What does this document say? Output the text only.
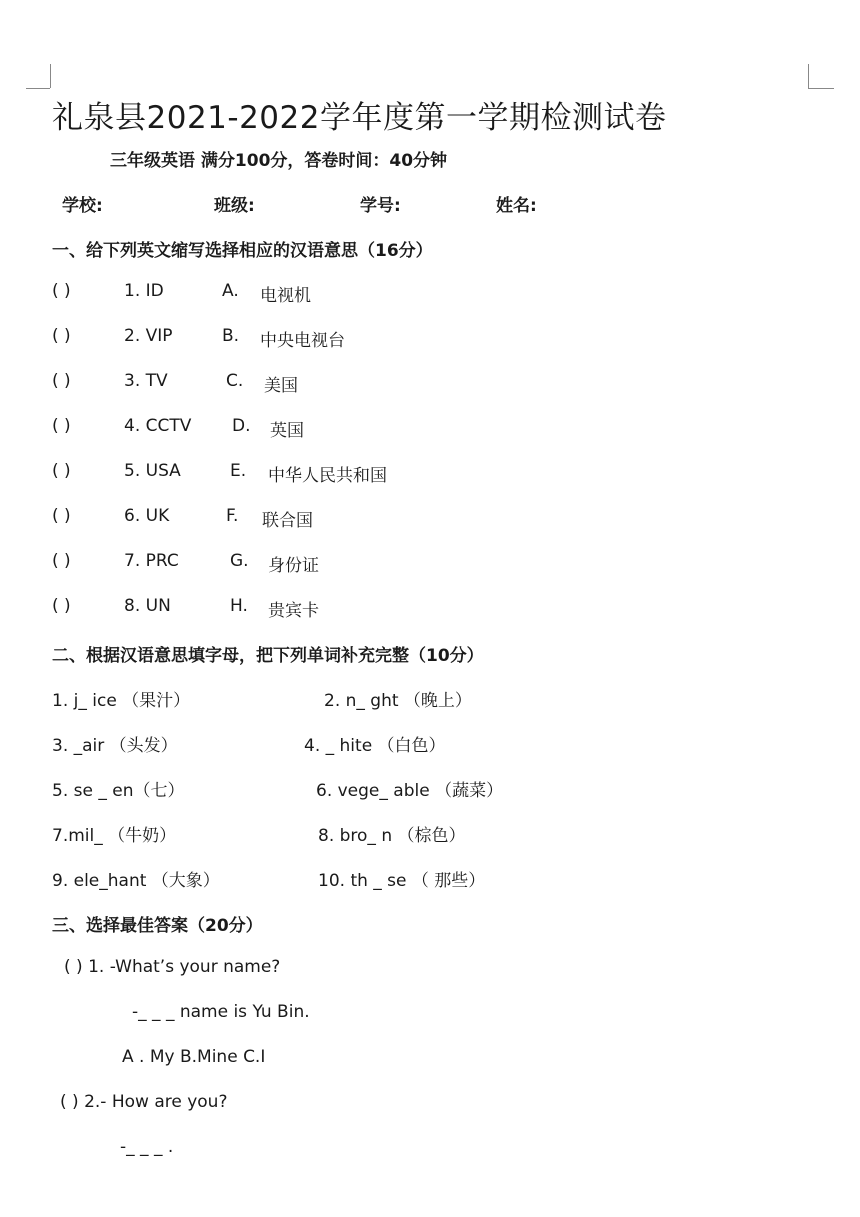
礼泉县2021-2022学年度第一学期检测试卷
三年级英语 满分100分，答卷时间：40分钟
学校:	班级:	学号:	姓名:
一、给下列英文缩写选择相应的汉语意思（16分）
( )	1. ID	A. 电视机
( )	2. VIP	B. 中央电视台
( )	3. TV	C. 美国
( )	4. CCTV D. 英国
( )	5. USA	E. 中华人民共和国
( )	6. UK	F. 联合国
( )	7. PRC	G. 身份证
( )	8. UN	H. 贵宾卡
二、根据汉语意思填字母，把下列单词补充完整（10分）
1. j_ ice （果汁）	2. n_ ght （晚上）
3. _air （头发）	4. _ hite （白色）
5. se _ en（七）	6. vege_ able （蔬菜）
7.mil_ （牛奶）	8. bro_ n （棕色）
9. ele_hant （大象）	10. th _ se （ 那些）
三、选择最佳答案（20分）
( ) 1. -What’s your name?
-_ _ _ name is Yu Bin.
A . My B.Mine C.I
( ) 2.- How are you?
-_ _ _ .
